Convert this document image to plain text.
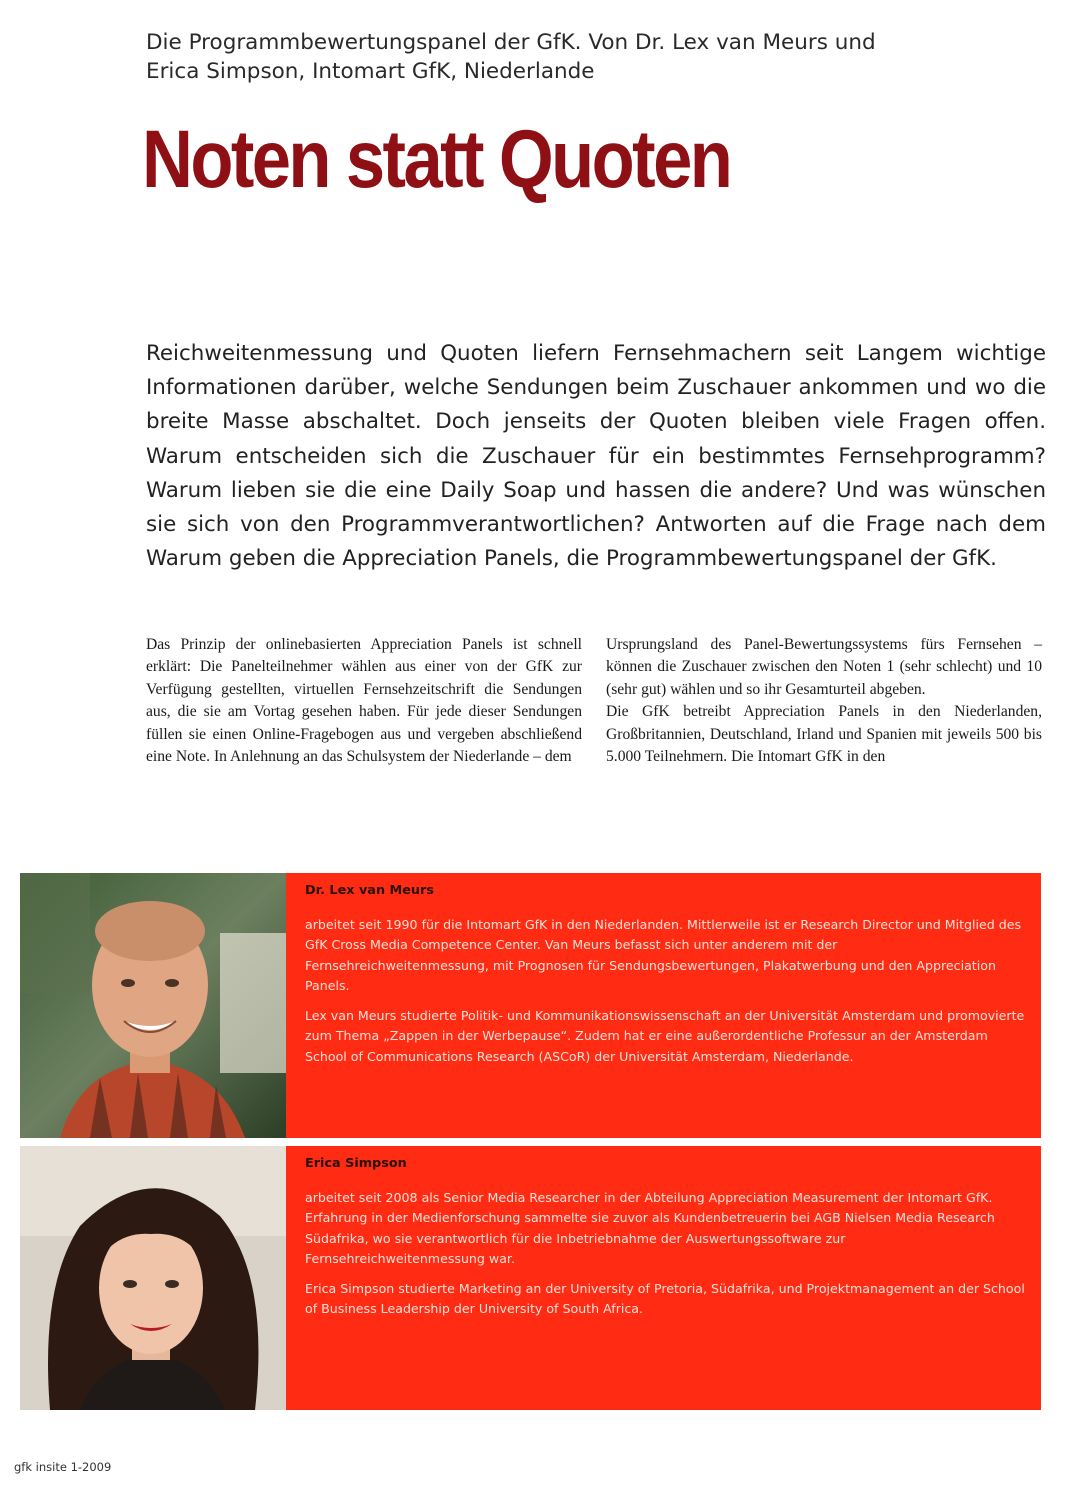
Die Programmbewertungspanel der GfK. Von Dr. Lex van Meurs und
Erica Simpson, Intomart GfK, Niederlande
Noten statt Quoten
Reichweitenmessung und Quoten liefern Fernsehmachern seit Langem wichtige Informationen darüber, welche Sendungen beim Zuschauer ankommen und wo die breite Masse abschaltet. Doch jenseits der Quoten bleiben viele Fragen offen. Warum entscheiden sich die Zuschauer für ein bestimmtes Fernsehprogramm? Warum lieben sie die eine Daily Soap und hassen die andere? Und was wünschen sie sich von den Programmverantwortlichen? Antworten auf die Frage nach dem Warum geben die Appreciation Panels, die Programmbewertungspanel der GfK.

Das Prinzip der onlinebasierten Appreciation Panels ist schnell erklärt: Die Panelteilnehmer wählen aus einer von der GfK zur Verfügung gestellten, virtuellen Fernsehzeitschrift die Sendungen aus, die sie am Vortag gesehen haben. Für jede dieser Sendungen füllen sie einen Online-Fragebogen aus und vergeben abschließend eine Note. In Anlehnung an das Schulsystem der Niederlande – dem

Ursprungsland des Panel-Bewertungssystems fürs Fernsehen – können die Zuschauer zwischen den Noten 1 (sehr schlecht) und 10 (sehr gut) wählen und so ihr Gesamturteil abgeben.

Die GfK betreibt Appreciation Panels in den Niederlanden, Großbritannien, Deutschland, Irland und Spanien mit jeweils 500 bis 5.000 Teilnehmern. Die Intomart GfK in den

Dr. Lex van Meurs

arbeitet seit 1990 für die Intomart GfK in den Niederlanden. Mittlerweile ist er Research Director und Mitglied des GfK Cross Media Competence Center. Van Meurs befasst sich unter anderem mit der Fernsehreichweitenmessung, mit Prognosen für Sendungsbewertungen, Plakatwerbung und den Appreciation Panels.

Lex van Meurs studierte Politik- und Kommunikationswissenschaft an der Universität Amsterdam und promovierte zum Thema „Zappen in der Werbepause“. Zudem hat er eine außerordentliche Professur an der Amsterdam School of Communications Research (ASCoR) der Universität Amsterdam, Niederlande.

Erica Simpson

arbeitet seit 2008 als Senior Media Researcher in der Abteilung Appreciation Measurement der Intomart GfK. Erfahrung in der Medienforschung sammelte sie zuvor als Kundenbetreuerin bei AGB Nielsen Media Research Südafrika, wo sie verantwortlich für die Inbetriebnahme der Auswertungssoftware zur Fernsehreichweitenmessung war.

Erica Simpson studierte Marketing an der University of Pretoria, Südafrika, und Projektmanagement an der School of Business Leadership der University of South Africa.

gfk insite 1-2009
